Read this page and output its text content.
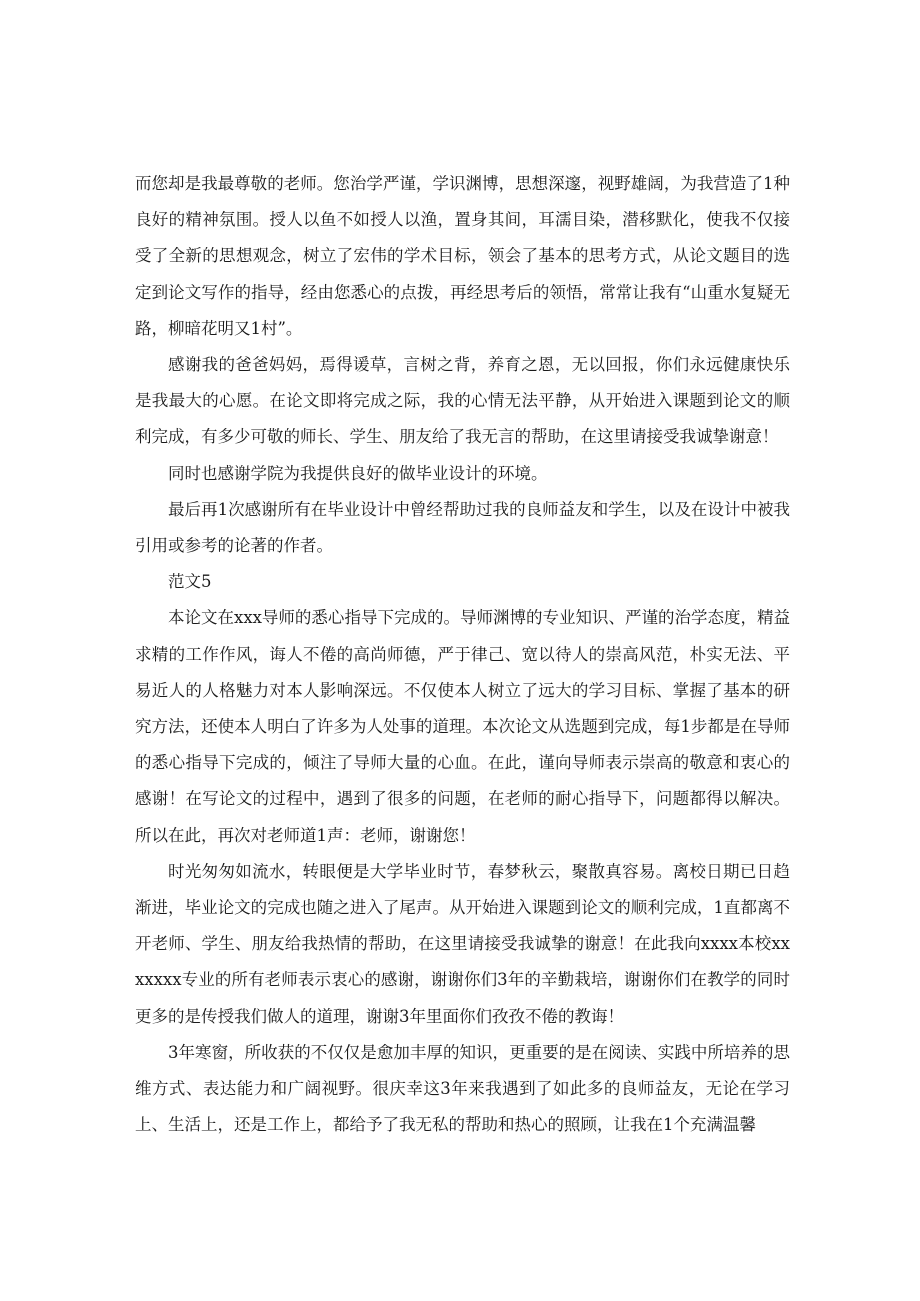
而您却是我最尊敬的老师。您治学严谨，学识渊博，思想深邃，视野雄阔，为我营造了1种良好的精神氛围。授人以鱼不如授人以渔，置身其间，耳濡目染，潜移默化，使我不仅接受了全新的思想观念，树立了宏伟的学术目标，领会了基本的思考方式，从论文题目的选定到论文写作的指导，经由您悉心的点拨，再经思考后的领悟，常常让我有“山重水复疑无路，柳暗花明又1村”。

感谢我的爸爸妈妈，焉得谖草，言树之背，养育之恩，无以回报，你们永远健康快乐是我最大的心愿。在论文即将完成之际，我的心情无法平静，从开始进入课题到论文的顺利完成，有多少可敬的师长、学生、朋友给了我无言的帮助，在这里请接受我诚挚谢意！

同时也感谢学院为我提供良好的做毕业设计的环境。

最后再1次感谢所有在毕业设计中曾经帮助过我的良师益友和学生，以及在设计中被我引用或参考的论著的作者。

范文5

本论文在xxx导师的悉心指导下完成的。导师渊博的专业知识、严谨的治学态度，精益求精的工作作风，诲人不倦的高尚师德，严于律己、宽以待人的崇高风范，朴实无法、平易近人的人格魅力对本人影响深远。不仅使本人树立了远大的学习目标、掌握了基本的研究方法，还使本人明白了许多为人处事的道理。本次论文从选题到完成，每1步都是在导师的悉心指导下完成的，倾注了导师大量的心血。在此，谨向导师表示崇高的敬意和衷心的感谢！在写论文的过程中，遇到了很多的问题，在老师的耐心指导下，问题都得以解决。所以在此，再次对老师道1声：老师，谢谢您！

时光匆匆如流水，转眼便是大学毕业时节，春梦秋云，聚散真容易。离校日期已日趋渐进，毕业论文的完成也随之进入了尾声。从开始进入课题到论文的顺利完成，1直都离不开老师、学生、朋友给我热情的帮助，在这里请接受我诚挚的谢意！在此我向xxxx本校xxxxxxx专业的所有老师表示衷心的感谢，谢谢你们3年的辛勤栽培，谢谢你们在教学的同时更多的是传授我们做人的道理，谢谢3年里面你们孜孜不倦的教诲！

3年寒窗，所收获的不仅仅是愈加丰厚的知识，更重要的是在阅读、实践中所培养的思维方式、表达能力和广阔视野。很庆幸这3年来我遇到了如此多的良师益友，无论在学习上、生活上，还是工作上，都给予了我无私的帮助和热心的照顾，让我在1个充满温馨
